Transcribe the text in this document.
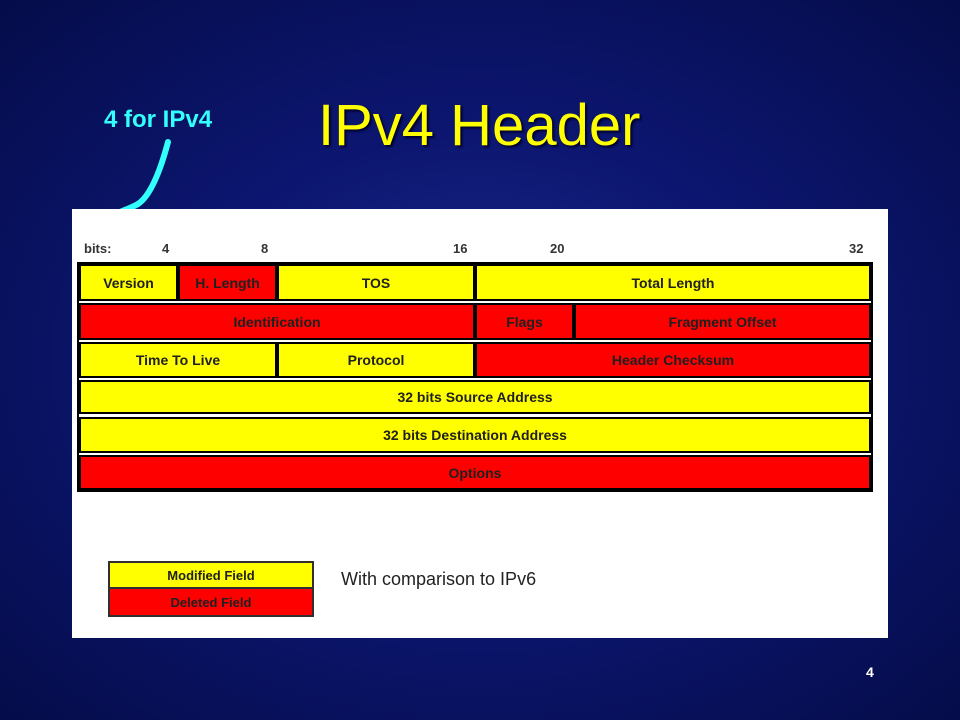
IPv4 Header
4 for IPv4
bits:	4	8	16	20	32
Version	H. Length	TOS	Total Length
Identification	Flags	Fragment Offset
Time To Live	Protocol	Header Checksum
32 bits Source Address
32 bits Destination Address
Options
Modified Field
Deleted Field
With comparison to IPv6
4
